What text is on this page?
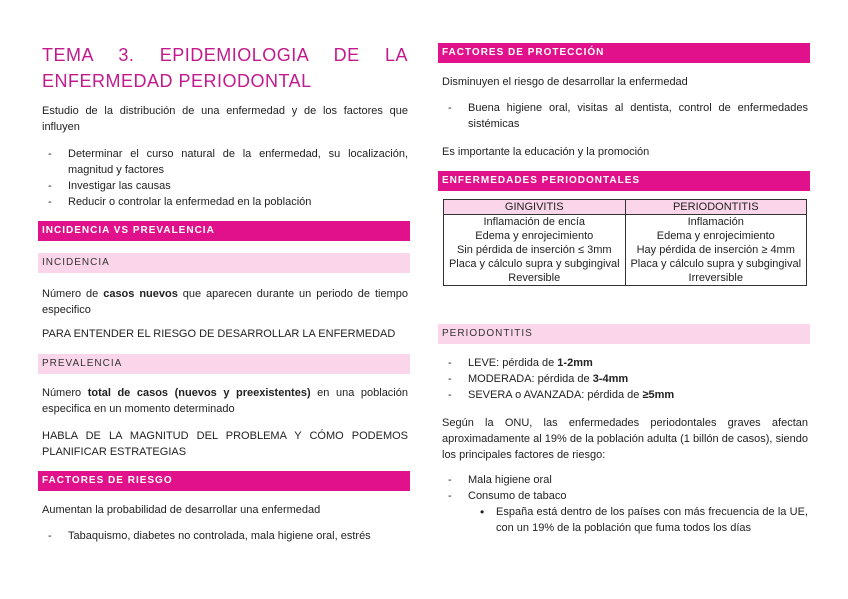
TEMA 3. EPIDEMIOLOGIA DE LA ENFERMEDAD PERIODONTAL

Estudio de la distribución de una enfermedad y de los factores que influyen

- Determinar el curso natural de la enfermedad, su localización, magnitud y factores
- Investigar las causas
- Reducir o controlar la enfermedad en la población
INCIDENCIA VS PREVALENCIA
INCIDENCIA

Número de casos nuevos que aparecen durante un periodo de tiempo especifico

PARA ENTENDER EL RIESGO DE DESARROLLAR LA ENFERMEDAD

PREVALENCIA

Número total de casos (nuevos y preexistentes) en una población especifica en un momento determinado

HABLA DE LA MAGNITUD DEL PROBLEMA Y CÓMO PODEMOS PLANIFICAR ESTRATEGIAS

FACTORES DE RIESGO

Aumentan la probabilidad de desarrollar una enfermedad

- Tabaquismo, diabetes no controlada, mala higiene oral, estrés
FACTORES DE PROTECCIÓN

Disminuyen el riesgo de desarrollar la enfermedad

- Buena higiene oral, visitas al dentista, control de enfermedades sistémicas

Es importante la educación y la promoción

ENFERMEDADES PERIODONTALES
GINGIVITIS	PERIODONTITIS
Inflamación de encía	Inflamación
Edema y enrojecimiento	Edema y enrojecimiento
Sin pérdida de inserción ≤ 3mm	Hay pérdida de inserción ≥ 4mm
Placa y cálculo supra y subgingival	Placa y cálculo supra y subgingival
Reversible	Irreversible
PERIODONTITIS
- LEVE: pérdida de 1-2mm
- MODERADA: pérdida de 3-4mm
- SEVERA o AVANZADA: pérdida de ≥5mm

Según la ONU, las enfermedades periodontales graves afectan aproximadamente al 19% de la población adulta (1 billón de casos), siendo los principales factores de riesgo:

- Mala higiene oral
- Consumo de tabaco
• España está dentro de los países con más frecuencia de la UE, con un 19% de la población que fuma todos los días
